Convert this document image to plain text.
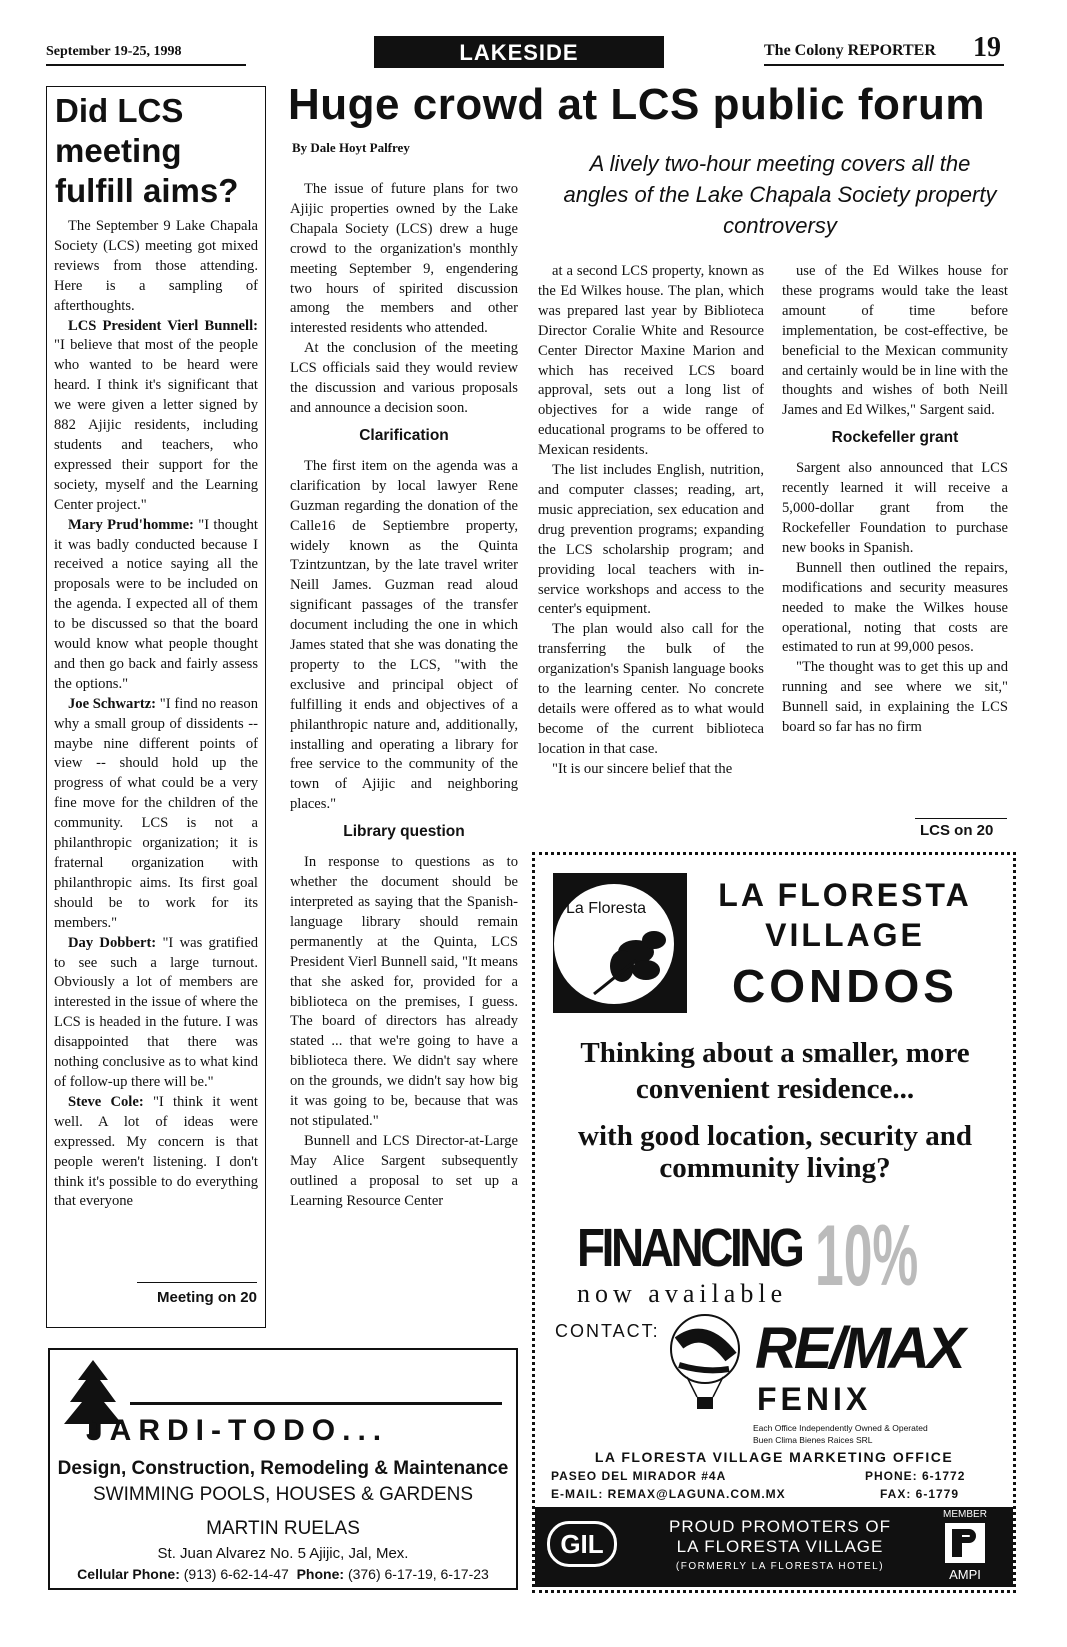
September 19-25, 1998	LAKESIDE	The Colony REPORTER 19
Did LCS meeting fulfill aims?

The September 9 Lake Chapala Society (LCS) meeting got mixed reviews from those attending. Here is a sampling of afterthoughts.

LCS President Vierl Bunnell: "I believe that most of the people who wanted to be heard were heard. I think it's significant that we were given a letter signed by 882 Ajijic residents, including students and teachers, who expressed their support for the society, myself and the Learning Center project."

Mary Prud'homme: "I thought it was badly conducted because I received a notice saying all the proposals were to be included on the agenda. I expected all of them to be discussed so that the board would know what people thought and then go back and fairly assess the options."

Joe Schwartz: "I find no reason why a small group of dissidents -- maybe nine different points of view -- should hold up the progress of what could be a very fine move for the children of the community. LCS is not a philanthropic organization; it is fraternal organization with philanthropic aims. Its first goal should be to work for its members."

Day Dobbert: "I was gratified to see such a large turnout. Obviously a lot of members are interested in the issue of where the LCS is headed in the future. I was disappointed that there was nothing conclusive as to what kind of follow-up there will be."

Steve Cole: "I think it went well. A lot of ideas were expressed. My concern is that people weren't listening. I don't think it's possible to do everything that everyone

Meeting on 20
Huge crowd at LCS public forum
By Dale Hoyt Palfrey
A lively two-hour meeting covers all the angles of the Lake Chapala Society property controversy

The issue of future plans for two Ajijic properties owned by the Lake Chapala Society (LCS) drew a huge crowd to the organization's monthly meeting September 9, engendering two hours of spirited discussion among the members and other interested residents who attended.

At the conclusion of the meeting LCS officials said they would review the discussion and various proposals and announce a decision soon.

Clarification

The first item on the agenda was a clarification by local lawyer Rene Guzman regarding the donation of the Calle16 de Septiembre property, widely known as the Quinta Tzintzuntzan, by the late travel writer Neill James. Guzman read aloud significant passages of the transfer document including the one in which James stated that she was donating the property to the LCS, "with the exclusive and principal object of fulfilling it ends and objectives of a philanthropic nature and, additionally, installing and operating a library for free service to the community of the town of Ajijic and neighboring places."

Library question

In response to questions as to whether the document should be interpreted as saying that the Spanish-language library should remain permanently at the Quinta, LCS President Vierl Bunnell said, "It means that she asked for, provided for a biblioteca on the premises, I guess. The board of directors has already stated ... that we're going to have a biblioteca there. We didn't say where on the grounds, we didn't say how big it was going to be, because that was not stipulated."

Bunnell and LCS Director-at-Large May Alice Sargent subsequently outlined a proposal to set up a Learning Resource Center

at a second LCS property, known as the Ed Wilkes house. The plan, which was prepared last year by Biblioteca Director Coralie White and Resource Center Director Maxine Marion and which has received LCS board approval, sets out a long list of objectives for a wide range of educational programs to be offered to Mexican residents.

The list includes English, nutrition, and computer classes; reading, art, music appreciation, sex education and drug prevention programs; expanding the LCS scholarship program; and providing local teachers with in-service workshops and access to the center's equipment.

The plan would also call for the transferring the bulk of the organization's Spanish language books to the learning center. No concrete details were offered as to what would become of the current biblioteca location in that case.

"It is our sincere belief that the

use of the Ed Wilkes house for these programs would take the least amount of time before implementation, be cost-effective, be beneficial to the Mexican community and certainly would be in line with the thoughts and wishes of both Neill James and Ed Wilkes," Sargent said.

Rockefeller grant

Sargent also announced that LCS recently learned it will receive a 5,000-dollar grant from the Rockefeller Foundation to purchase new books in Spanish.

Bunnell then outlined the repairs, modifications and security measures needed to make the Wilkes house operational, noting that costs are estimated to run at 99,000 pesos.

"The thought was to get this up and running and see where we sit," Bunnell said, in explaining the LCS board so far has no firm

LCS on 20
JARDI-TODO...
Design, Construction, Remodeling & Maintenance
SWIMMING POOLS, HOUSES & GARDENS
MARTIN RUELAS
St. Juan Alvarez No. 5 Ajijic, Jal, Mex.
Cellular Phone: (913) 6-62-14-47 Phone: (376) 6-17-19, 6-17-23
La Floresta	LA FLORESTA
VILLAGE
CONDOS
Thinking about a smaller, more convenient residence...
with good location, security and community living?
FINANCING 10%
now available
CONTACT: RE/MAX
FENIX
Each Office Independently Owned & Operated
Buen Clima Bienes Raices SRL
LA FLORESTA VILLAGE MARKETING OFFICE
PASEO DEL MIRADOR #4A
E-MAIL: REMAX@LAGUNA.COM.MX
PHONE: 6-1772
FAX: 6-1779
GIL
PROUD PROMOTERS OF
LA FLORESTA VILLAGE
(FORMERLY LA FLORESTA HOTEL)
MEMBER
AMPI
